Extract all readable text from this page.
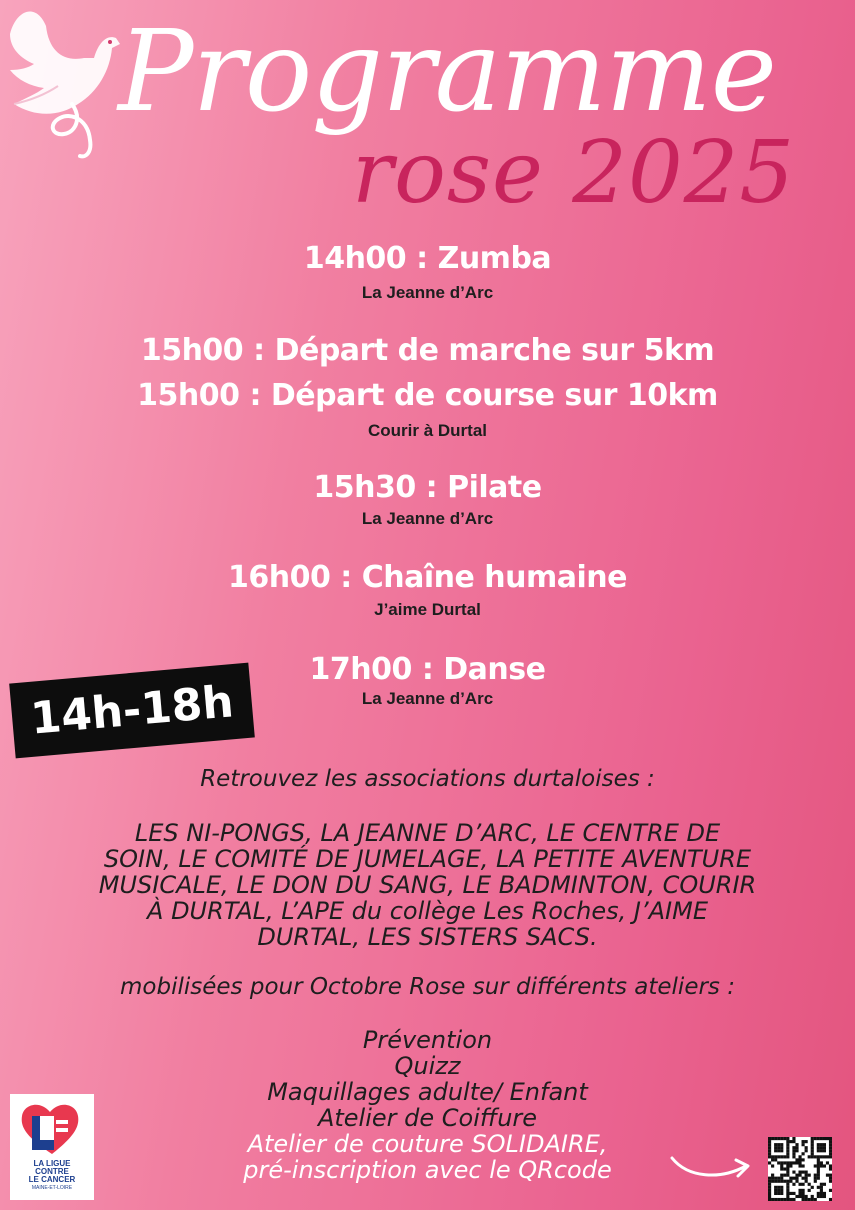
Programme
rose 2025
14h00 : Zumba
La Jeanne d’Arc
15h00 : Départ de marche sur 5km
15h00 : Départ de course sur 10km
Courir à Durtal
15h30 : Pilate
La Jeanne d’Arc
16h00 : Chaîne humaine
J’aime Durtal
17h00 : Danse
La Jeanne d’Arc
14h-18h
Retrouvez les associations durtaloises :
LES NI-PONGS, LA JEANNE D’ARC, LE CENTRE DE
SOIN, LE COMITÉ DE JUMELAGE, LA PETITE AVENTURE
MUSICALE, LE DON DU SANG, LE BADMINTON, COURIR
À DURTAL, L’APE du collège Les Roches, J’AIME
DURTAL, LES SISTERS SACS.
mobilisées pour Octobre Rose sur différents ateliers :
Prévention
Quizz
Maquillages adulte/ Enfant
Atelier de Coiffure
Atelier de couture SOLIDAIRE,
pré-inscription avec le QRcode
LA LIGUE
CONTRE
LE CANCER
MAINE-ET-LOIRE
